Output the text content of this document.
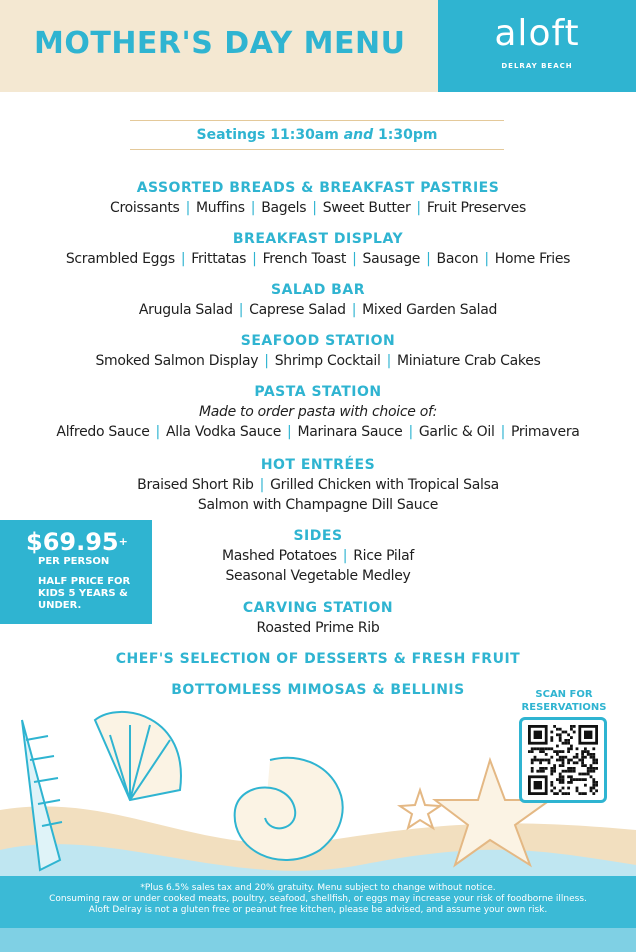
MOTHER'S DAY MENU	aloft
DELRAY BEACH
Seatings 11:30am and 1:30pm
ASSORTED BREADS & BREAKFAST PASTRIES
Croissants | Muffins | Bagels | Sweet Butter | Fruit Preserves
BREAKFAST DISPLAY
Scrambled Eggs | Frittatas | French Toast | Sausage | Bacon | Home Fries
SALAD BAR
Arugula Salad | Caprese Salad | Mixed Garden Salad
SEAFOOD STATION
Smoked Salmon Display | Shrimp Cocktail | Miniature Crab Cakes
PASTA STATION
Made to order pasta with choice of:
Alfredo Sauce | Alla Vodka Sauce | Marinara Sauce | Garlic & Oil | Primavera
HOT ENTRÉES
Braised Short Rib | Grilled Chicken with Tropical Salsa
Salmon with Champagne Dill Sauce
SIDES
Mashed Potatoes | Rice Pilaf
Seasonal Vegetable Medley
CARVING STATION
Roasted Prime Rib
CHEF'S SELECTION OF DESSERTS & FRESH FRUIT
BOTTOMLESS MIMOSAS & BELLINIS
$69.95+
PER PERSON
HALF PRICE FOR KIDS 5 YEARS & UNDER.
SCAN FOR RESERVATIONS
*Plus 6.5% sales tax and 20% gratuity. Menu subject to change without notice.
Consuming raw or under cooked meats, poultry, seafood, shellfish, or eggs may increase your risk of foodborne illness.
Aloft Delray is not a gluten free or peanut free kitchen, please be advised, and assume your own risk.
